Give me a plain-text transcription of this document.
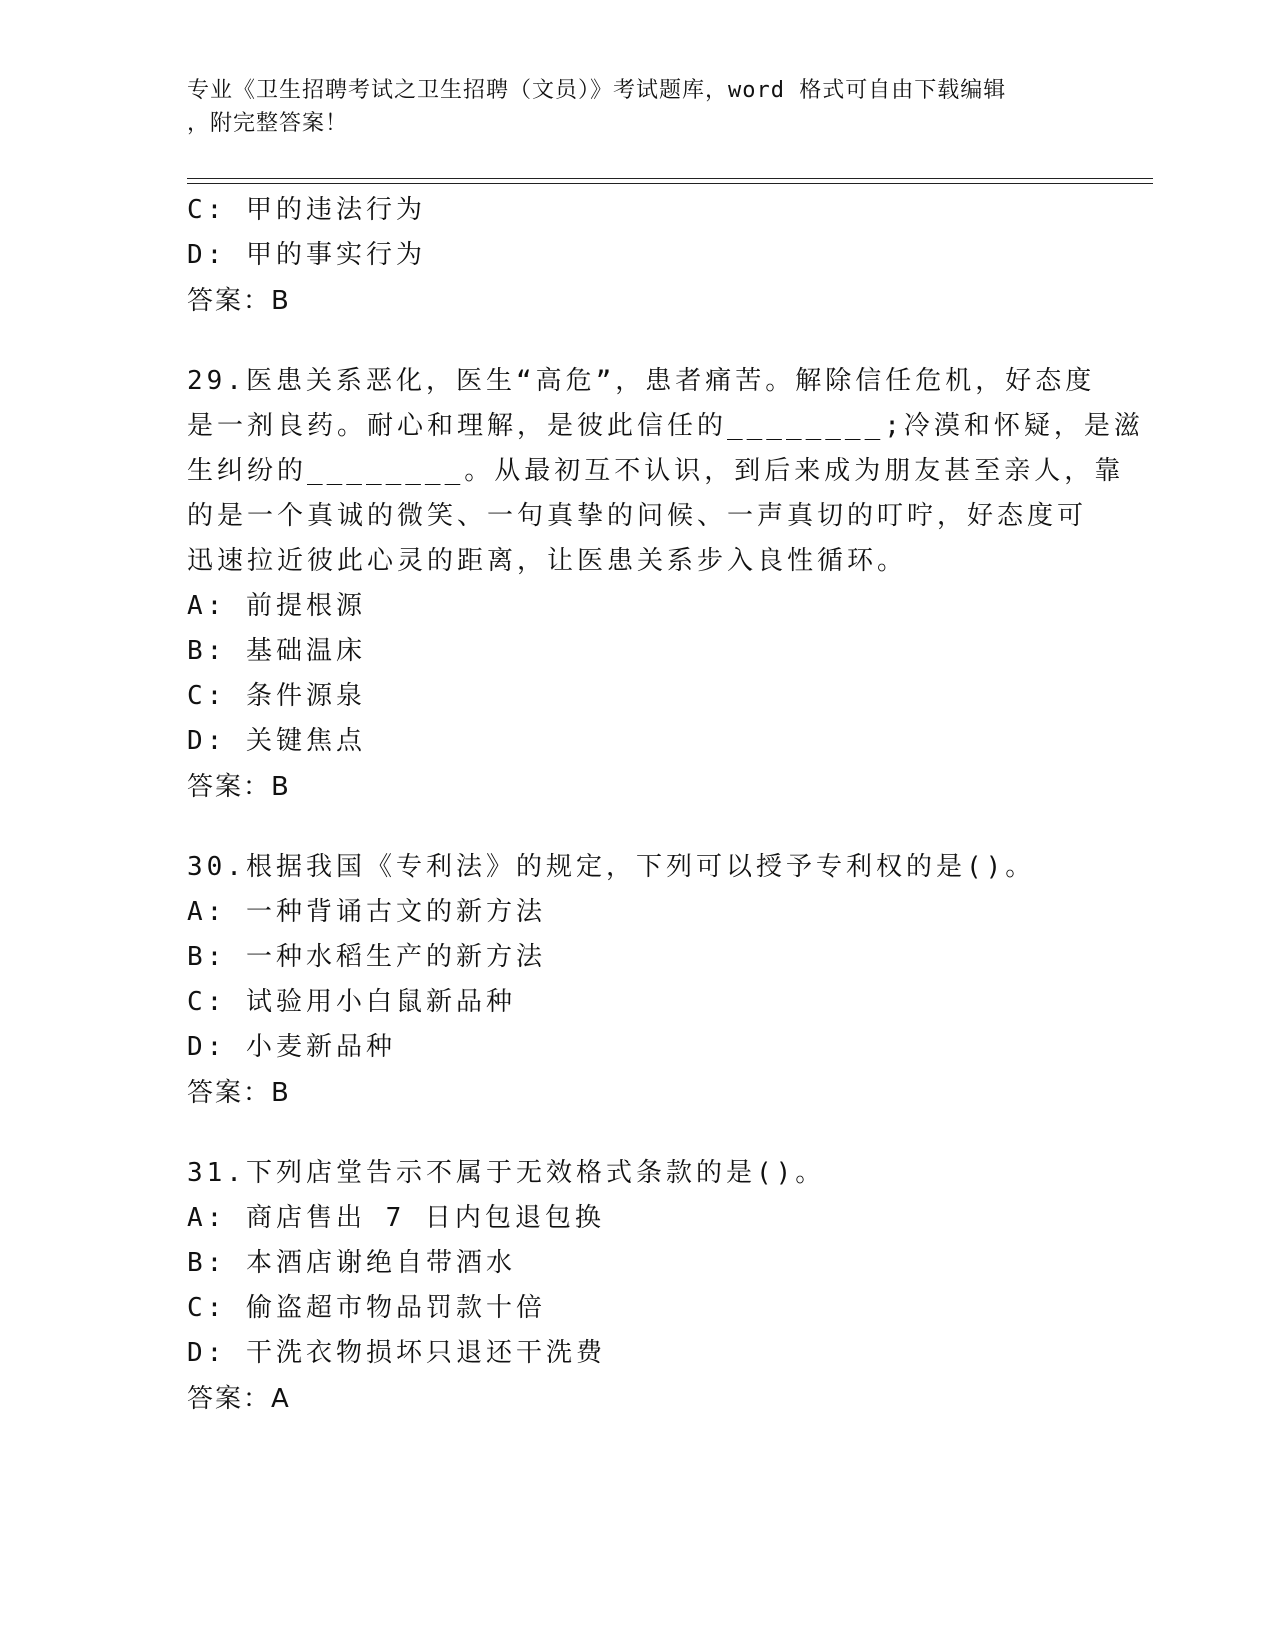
专业《卫生招聘考试之卫生招聘（文员）》考试题库，word 格式可自由下载编辑
，附完整答案！
C: 甲的违法行为
D: 甲的事实行为
答案：B
29.医患关系恶化，医生“高危”，患者痛苦。解除信任危机，好态度
是一剂良药。耐心和理解，是彼此信任的________;冷漠和怀疑，是滋
生纠纷的________。从最初互不认识，到后来成为朋友甚至亲人，靠
的是一个真诚的微笑、一句真挚的问候、一声真切的叮咛，好态度可
迅速拉近彼此心灵的距离，让医患关系步入良性循环。
A: 前提根源
B: 基础温床
C: 条件源泉
D: 关键焦点
答案：B
30.根据我国《专利法》的规定，下列可以授予专利权的是()。
A: 一种背诵古文的新方法
B: 一种水稻生产的新方法
C: 试验用小白鼠新品种
D: 小麦新品种
答案：B
31.下列店堂告示不属于无效格式条款的是()。
A: 商店售出 7 日内包退包换
B: 本酒店谢绝自带酒水
C: 偷盗超市物品罚款十倍
D: 干洗衣物损坏只退还干洗费
答案：A
